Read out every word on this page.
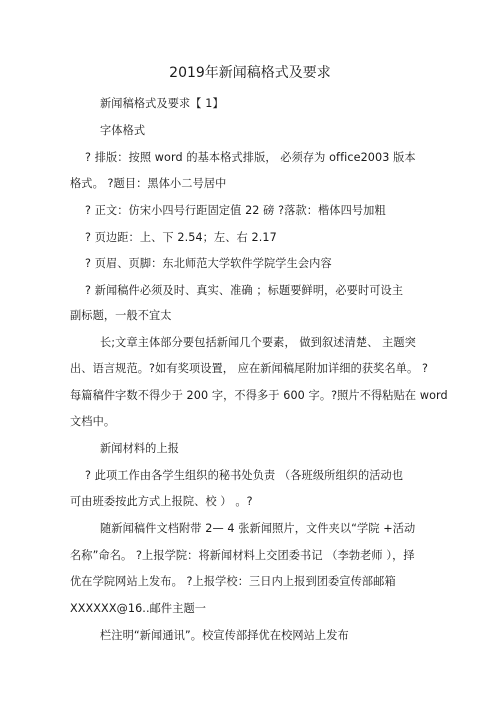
2019年新闻稿格式及要求
新闻稿格式及要求【 1】
字体格式
? 排版：按照 word 的基本格式排版， 必须存为 office2003 版本
格式。 ?题目：黑体小二号居中
? 正文：仿宋小四号行距固定值 22 磅 ?落款：楷体四号加粗
? 页边距：上、下 2.54；左、右 2.17
? 页眉、页脚：东北师范大学软件学院学生会内容
? 新闻稿件必须及时、真实、准确 ；标题要鲜明，必要时可设主
副标题，一般不宜太
长;文章主体部分要包括新闻几个要素， 做到叙述清楚、 主题突
出、语言规范。?如有奖项设置， 应在新闻稿尾附加详细的获奖名单。 ?
每篇稿件字数不得少于 200 字，不得多于 600 字。?照片不得粘贴在 word
文档中。
新闻材料的上报
? 此项工作由各学生组织的秘书处负责 （各班级所组织的活动也
可由班委按此方式上报院、校 ） 。?
随新闻稿件文档附带 2— 4 张新闻照片，文件夹以“学院 +活动
名称”命名。 ?上报学院：将新闻材料上交团委书记 （李勃老师 ），择
优在学院网站上发布。 ?上报学校：三日内上报到团委宣传部邮箱
XXXXXX@16..邮件主题一
栏注明“新闻通讯”。校宣传部择优在校网站上发布
